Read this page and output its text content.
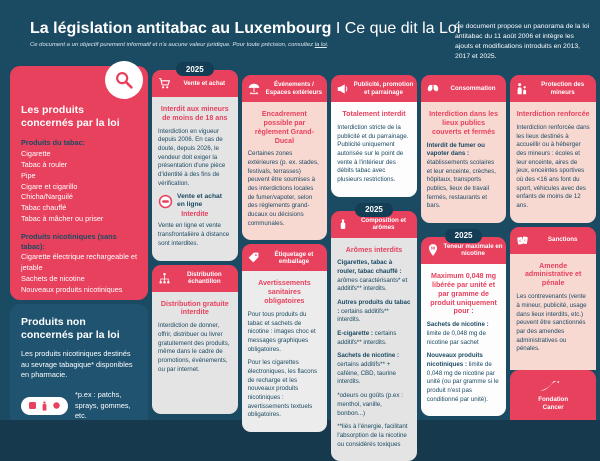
La législation antitabac au Luxembourg I Ce que dit la Loi

Ce document a un objectif purement informatif et n'a aucune valeur juridique. Pour toute précision, consultez la loi.

Ce document propose un panorama de la loi antitabac du 11 août 2006 et intègre les ajouts et modifications introduits en 2013, 2017 et 2025.

Les produits concernés par la loi
Produits du tabac:
Cigarette
Tabac à rouler
Pipe
Cigare et cigarillo
Chicha/Narguilé
Tabac chauffé
Tabac à mâcher ou priser
Produits nicotiniques (sans tabac):
Cigarette électrique rechargeable et jetable
Sachets de nicotine
Nouveaux produits nicotiniques
Produits non concernés par la loi

Les produits nicotiniques destinés au sevrage tabagique* disponibles en pharmacie.

*p.ex : patchs, sprays, gommes, etc.

2025
Vente et achat
Interdit aux mineurs de moins de 18 ans

Interdiction en vigueur depuis 2006. En cas de doute, depuis 2026, le vendeur doit exiger la présentation d'une pièce d'identité à des fins de vérification.

Vente et achat en ligne
Interdite

Vente en ligne et vente transfrontalière à distance sont interdites.

Distribution échantillon
Distribution gratuite interdite

Interdiction de donner, offrir, distribuer ou livrer gratuitement des produits, même dans le cadre de promotions, événements, ou par internet.

Événements / Espaces extérieurs
Encadrement possible par règlement Grand-Ducal

Certaines zones extérieures (p. ex. stades, festivals, terrasses) peuvent être soumises à des interdictions locales de fumer/vapoter, selon des règlements grand-ducaux ou décisions communales.

Étiquetage et emballage
Avertissements sanitaires obligatoires

Pour tous produits du tabac et sachets de nicotine : images choc et messages graphiques obligatoires.

Pour les cigarettes électroniques, les flacons de recharge et les nouveaux produits nicotiniques : avertissements textuels obligatoires.

Publicité, promotion et parrainage
Totalement interdit

Interdiction stricte de la publicité et du parrainage. Publicité uniquement autorisée sur le point de vente à l'intérieur des débits tabac avec plusieurs restrictions.

2025
Composition et arômes
Arômes interdits

Cigarettes, tabac à rouler, tabac chauffé : arômes caractérisants* et additifs** interdits.

Autres produits du tabac : certains additifs** interdits.

E-cigarette : certains additifs** interdits.

Sachets de nicotine : certains additifs** + caféine, CBD, taurine interdits.

*odeurs ou goûts (p.ex : menthol, vanille, bonbon...)

**liés à l'énergie, facilitant l'absorption de la nicotine ou considérés toxiques

Consommation
Interdiction dans les lieux publics couverts et fermés

Interdit de fumer ou vapoter dans : établissements scolaires et leur enceinte, crèches, hôpitaux, transports publics, lieux de travail fermés, restaurants et bars.

2025
Ni Teneur maximale en nicotine
Maximum 0,048 mg libérée par unité et par gramme de produit uniquement pour :

Sachets de nicotine : limite de 0,048 mg de nicotine par sachet

Nouveaux produits nicotiniques : limite de 0,048 mg de nicotine par unité (ou par gramme si le produit n'est pas conditionné par unité).

Protection des mineurs
Interdiction renforcée

Interdiction renforcée dans les lieux destinés à accueillir ou à héberger des mineurs : écoles et leur enceinte, aires de jeux, enceintes sportives où des <16 ans font du sport, véhicules avec des enfants de moins de 12 ans.

€ x	Sanctions
Amende administrative et pénale

Les contrevenants (vente à mineur, publicité, usage dans lieux interdits, etc.) peuvent être sanctionnés par des amendes administratives ou pénales.

Fondation Cancer
